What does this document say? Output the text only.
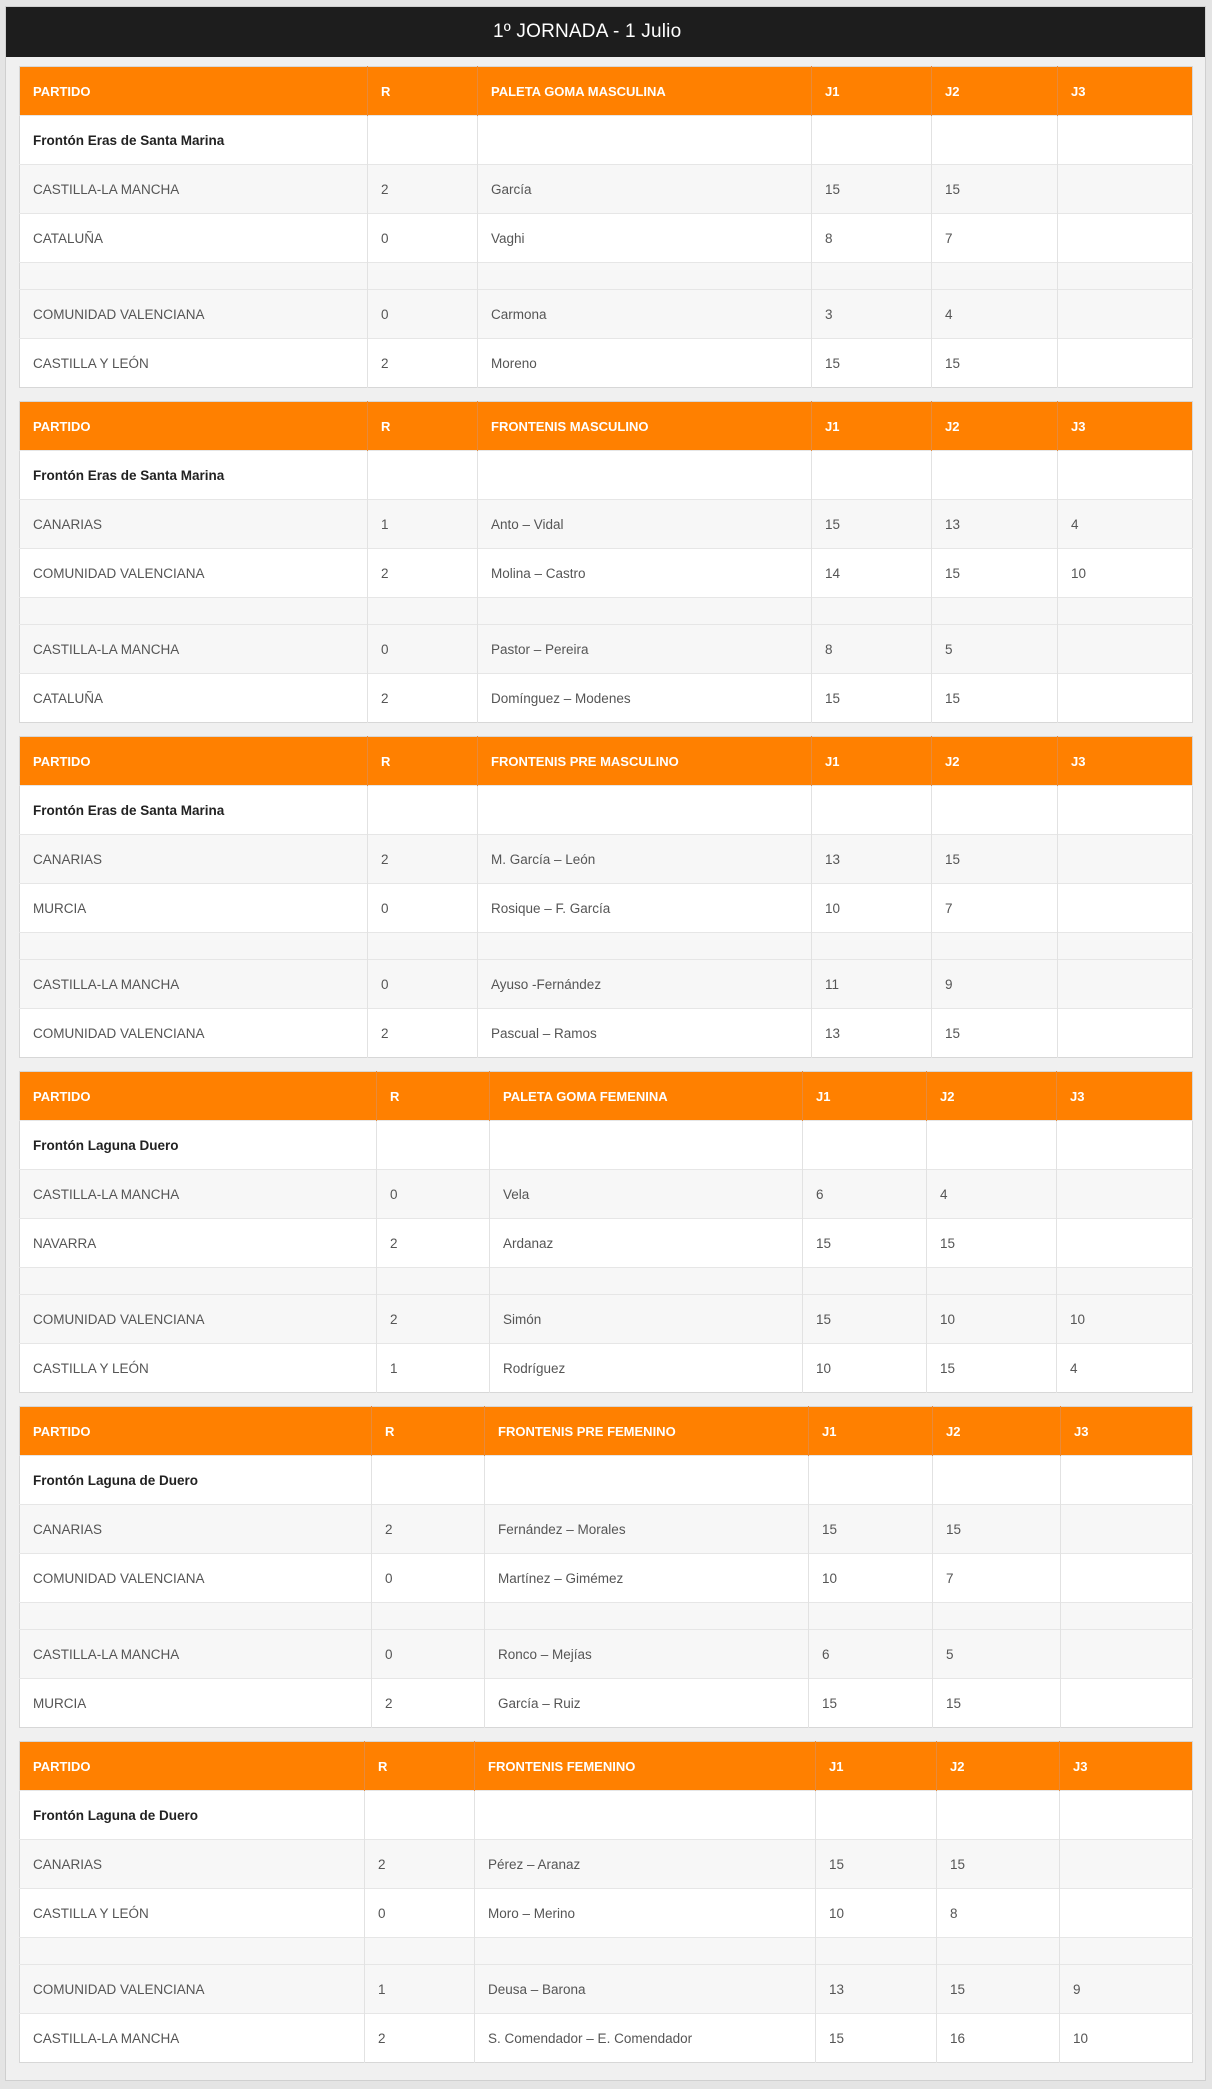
1º JORNADA - 1 Julio
PARTIDO	R	PALETA GOMA MASCULINA	J1	J2	J3
Frontón Eras de Santa Marina					
CASTILLA-LA MANCHA	2	García	15	15	
CATALUÑA	0	Vaghi	8	7	

COMUNIDAD VALENCIANA	0	Carmona	3	4	
CASTILLA Y LEÓN	2	Moreno	15	15	
PARTIDO	R	FRONTENIS MASCULINO	J1	J2	J3
Frontón Eras de Santa Marina					
CANARIAS	1	Anto – Vidal	15	13	4
COMUNIDAD VALENCIANA	2	Molina – Castro	14	15	10

CASTILLA-LA MANCHA	0	Pastor – Pereira	8	5	
CATALUÑA	2	Domínguez – Modenes	15	15	
PARTIDO	R	FRONTENIS PRE MASCULINO	J1	J2	J3
Frontón Eras de Santa Marina					
CANARIAS	2	M. García – León	13	15	
MURCIA	0	Rosique – F. García	10	7	

CASTILLA-LA MANCHA	0	Ayuso -Fernández	11	9	
COMUNIDAD VALENCIANA	2	Pascual – Ramos	13	15	
PARTIDO	R	PALETA GOMA FEMENINA	J1	J2	J3
Frontón Laguna Duero					
CASTILLA-LA MANCHA	0	Vela	6	4	
NAVARRA	2	Ardanaz	15	15	

COMUNIDAD VALENCIANA	2	Simón	15	10	10
CASTILLA Y LEÓN	1	Rodríguez	10	15	4
PARTIDO	R	FRONTENIS PRE FEMENINO	J1	J2	J3
Frontón Laguna de Duero					
CANARIAS	2	Fernández – Morales	15	15	
COMUNIDAD VALENCIANA	0	Martínez – Gimémez	10	7	

CASTILLA-LA MANCHA	0	Ronco – Mejías	6	5	
MURCIA	2	García – Ruiz	15	15	
PARTIDO	R	FRONTENIS FEMENINO	J1	J2	J3
Frontón Laguna de Duero					
CANARIAS	2	Pérez – Aranaz	15	15	
CASTILLA Y LEÓN	0	Moro – Merino	10	8	

COMUNIDAD VALENCIANA	1	Deusa – Barona	13	15	9
CASTILLA-LA MANCHA	2	S. Comendador – E. Comendador	15	16	10
